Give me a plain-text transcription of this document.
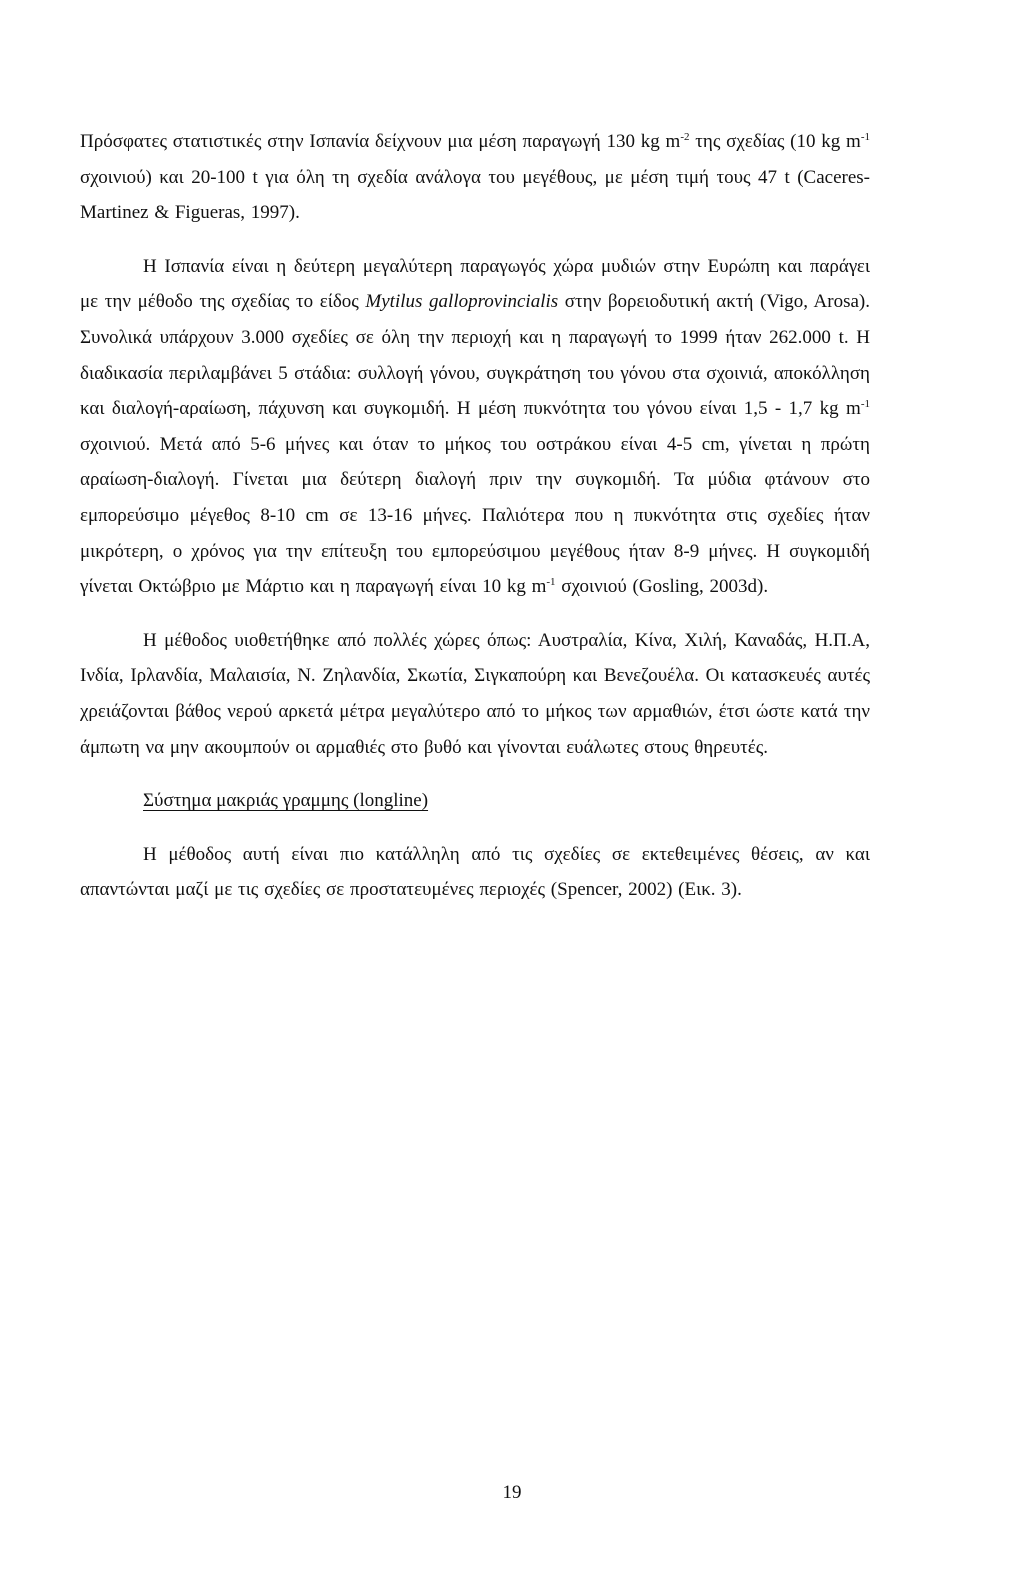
Πρόσφατες στατιστικές στην Ισπανία δείχνουν μια μέση παραγωγή 130 kg $m^{-2}$ της σχεδίας (10 kg $m^{-1}$ σχοινιού) και 20-100 t για όλη τη σχεδία ανάλογα του μεγέθους, με μέση τιμή τους 47 t (Caceres-Martinez & Figueras, 1997).

Η Ισπανία είναι η δεύτερη μεγαλύτερη παραγωγός χώρα μυδιών στην Ευρώπη και παράγει με την μέθοδο της σχεδίας το είδος Mytilus galloprovincialis στην βορειοδυτική ακτή (Vigo, Arosa). Συνολικά υπάρχουν 3.000 σχεδίες σε όλη την περιοχή και η παραγωγή το 1999 ήταν 262.000 t. Η διαδικασία περιλαμβάνει 5 στάδια: συλλογή γόνου, συγκράτηση του γόνου στα σχοινιά, αποκόλληση και διαλογή-αραίωση, πάχυνση και συγκομιδή. Η μέση πυκνότητα του γόνου είναι 1,5 - 1,7 kg $m^{-1}$ σχοινιού. Μετά από 5-6 μήνες και όταν το μήκος του οστράκου είναι 4-5 cm, γίνεται η πρώτη αραίωση-διαλογή. Γίνεται μια δεύτερη διαλογή πριν την συγκομιδή. Τα μύδια φτάνουν στο εμπορεύσιμο μέγεθος 8-10 cm σε 13-16 μήνες. Παλιότερα που η πυκνότητα στις σχεδίες ήταν μικρότερη, ο χρόνος για την επίτευξη του εμπορεύσιμου μεγέθους ήταν 8-9 μήνες. Η συγκομιδή γίνεται Οκτώβριο με Μάρτιο και η παραγωγή είναι 10 kg $m^{-1}$ σχοινιού (Gosling, 2003d).

Η μέθοδος υιοθετήθηκε από πολλές χώρες όπως: Αυστραλία, Κίνα, Χιλή, Καναδάς, Η.Π.Α, Ινδία, Ιρλανδία, Μαλαισία, Ν. Ζηλανδία, Σκωτία, Σιγκαπούρη και Βενεζουέλα. Οι κατασκευές αυτές χρειάζονται βάθος νερού αρκετά μέτρα μεγαλύτερο από το μήκος των αρμαθιών, έτσι ώστε κατά την άμπωτη να μην ακουμπούν οι αρμαθιές στο βυθό και γίνονται ευάλωτες στους θηρευτές.

Σύστημα μακριάς γραμμης (longline)

Η μέθοδος αυτή είναι πιο κατάλληλη από τις σχεδίες σε εκτεθειμένες θέσεις, αν και απαντώνται μαζί με τις σχεδίες σε προστατευμένες περιοχές (Spencer, 2002) (Εικ. 3).

19
